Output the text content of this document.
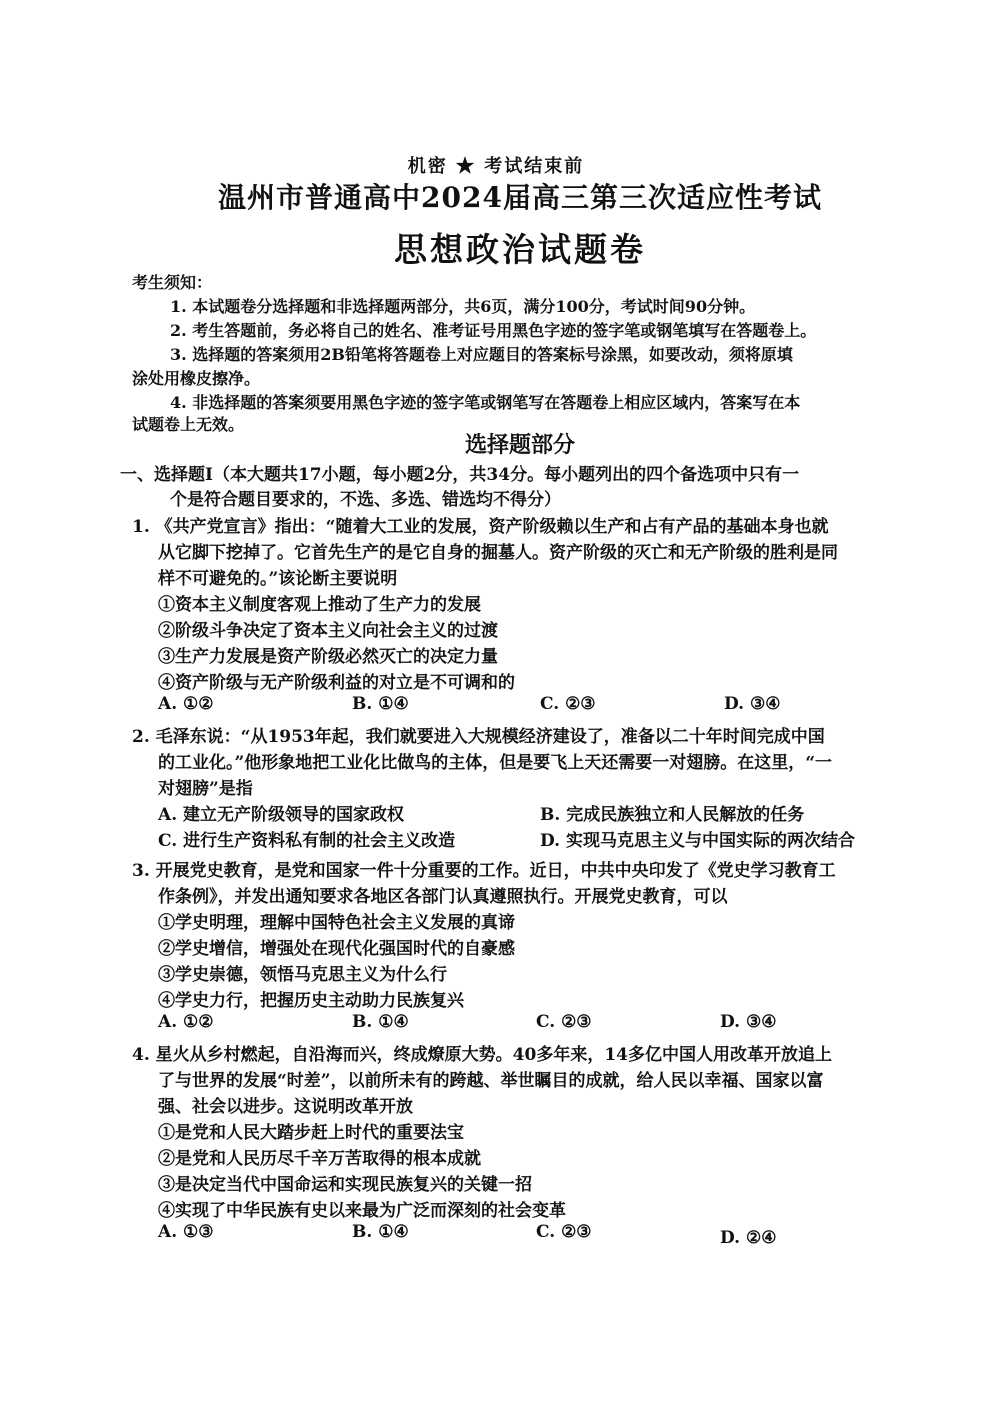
机密 ★ 考试结束前
温州市普通高中2024届高三第三次适应性考试
思想政治试题卷
考生须知：
1. 本试题卷分选择题和非选择题两部分，共6页，满分100分，考试时间90分钟。
2. 考生答题前，务必将自己的姓名、准考证号用黑色字迹的签字笔或钢笔填写在答题卷上。
3. 选择题的答案须用2B铅笔将答题卷上对应题目的答案标号涂黑，如要改动，须将原填
涂处用橡皮擦净。
4. 非选择题的答案须要用黑色字迹的签字笔或钢笔写在答题卷上相应区域内，答案写在本
试题卷上无效。
选择题部分
一、选择题Ⅰ（本大题共17小题，每小题2分，共34分。每小题列出的四个备选项中只有一
个是符合题目要求的，不选、多选、错选均不得分）
1. 《共产党宣言》指出：“随着大工业的发展，资产阶级赖以生产和占有产品的基础本身也就
从它脚下挖掉了。它首先生产的是它自身的掘墓人。资产阶级的灭亡和无产阶级的胜利是同
样不可避免的。”该论断主要说明
①资本主义制度客观上推动了生产力的发展
②阶级斗争决定了资本主义向社会主义的过渡
③生产力发展是资产阶级必然灭亡的决定力量
④资产阶级与无产阶级利益的对立是不可调和的
A. ①②	B. ①④	C. ②③	D. ③④
2. 毛泽东说：“从1953年起，我们就要进入大规模经济建设了，准备以二十年时间完成中国
的工业化。”他形象地把工业化比做鸟的主体，但是要飞上天还需要一对翅膀。在这里，“一
对翅膀”是指
A. 建立无产阶级领导的国家政权	B. 完成民族独立和人民解放的任务
C. 进行生产资料私有制的社会主义改造	D. 实现马克思主义与中国实际的两次结合
3. 开展党史教育，是党和国家一件十分重要的工作。近日，中共中央印发了《党史学习教育工
作条例》，并发出通知要求各地区各部门认真遵照执行。开展党史教育，可以
①学史明理，理解中国特色社会主义发展的真谛
②学史增信，增强处在现代化强国时代的自豪感
③学史崇德，领悟马克思主义为什么行
④学史力行，把握历史主动助力民族复兴
A. ①②	B. ①④	C. ②③	D. ③④
4. 星火从乡村燃起，自沿海而兴，终成燎原大势。40多年来，14多亿中国人用改革开放追上
了与世界的发展“时差”，以前所未有的跨越、举世瞩目的成就，给人民以幸福、国家以富
强、社会以进步。这说明改革开放
①是党和人民大踏步赶上时代的重要法宝
②是党和人民历尽千辛万苦取得的根本成就
③是决定当代中国命运和实现民族复兴的关键一招
④实现了中华民族有史以来最为广泛而深刻的社会变革
A. ①③	B. ①④	C. ②③	D. ②④
